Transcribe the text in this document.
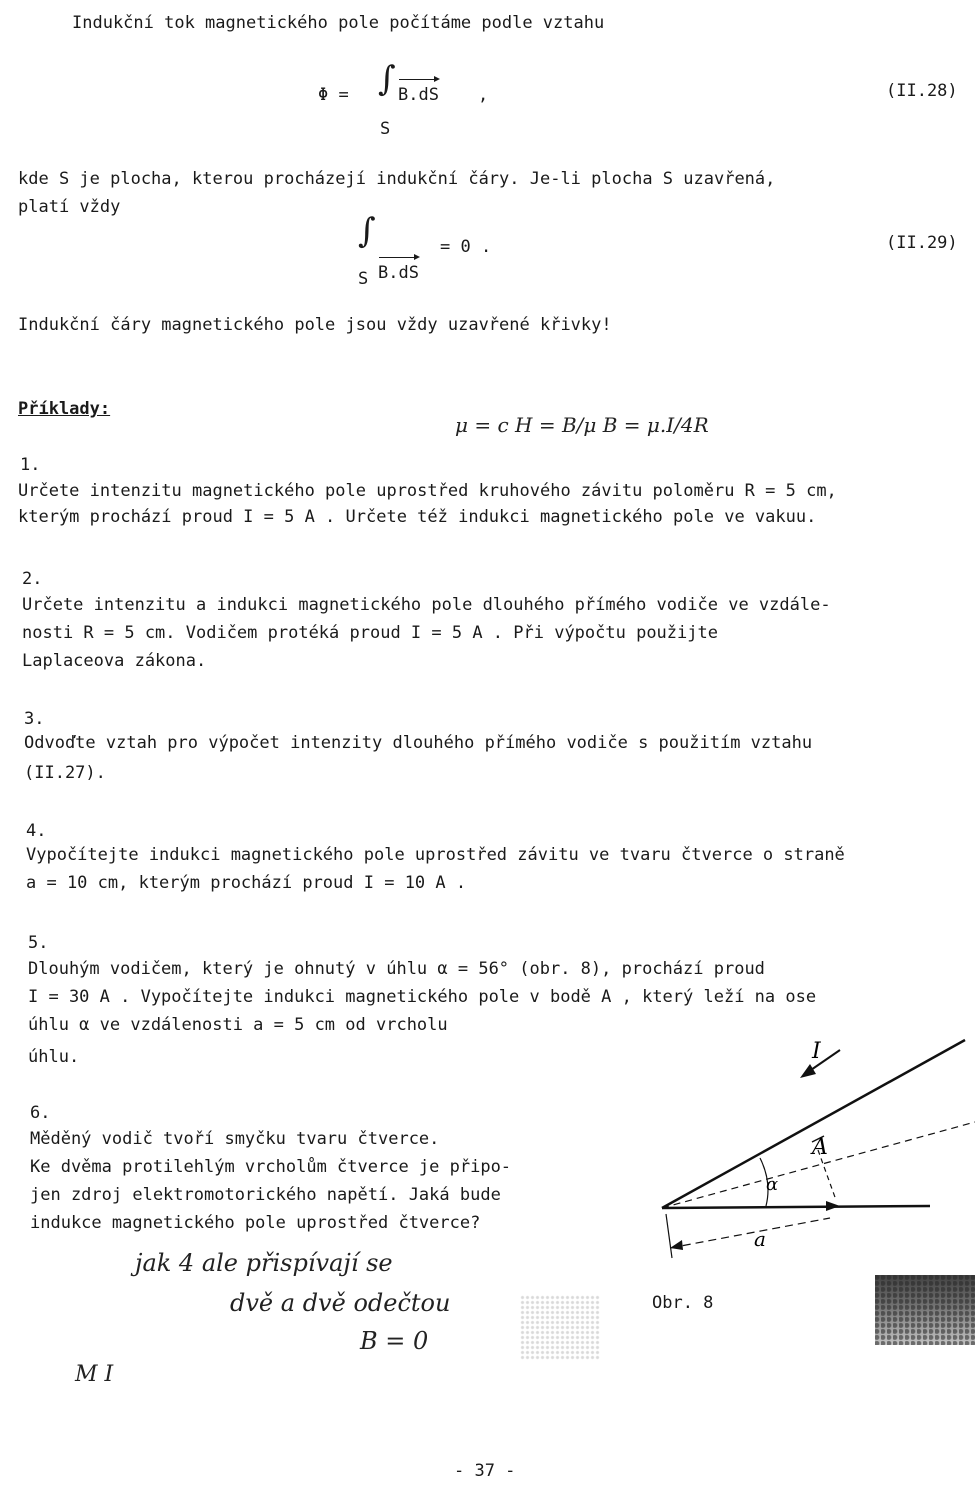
Indukční tok magnetického pole počítáme podle vztahu
Φ = ∫ B.dS ,
S
(II.28)
kde S je plocha, kterou procházejí indukční čáry. Je-li plocha S uzavřená,
platí vždy
∫
B.dS
= 0 .
S
(II.29)
Indukční čáry magnetického pole jsou vždy uzavřené křivky!
Příklady:
μ = c H = B/μ B = μ.I/4R
1.
Určete intenzitu magnetického pole uprostřed kruhového závitu poloměru R = 5 cm,
kterým prochází proud I = 5 A . Určete též indukci magnetického pole ve vakuu.
2.
Určete intenzitu a indukci magnetického pole dlouhého přímého vodiče ve vzdále-
nosti R = 5 cm. Vodičem protéká proud I = 5 A . Při výpočtu použijte
Laplaceova zákona.
3.
Odvoďte vztah pro výpočet intenzity dlouhého přímého vodiče s použitím vztahu
(II.27).
4.
Vypočítejte indukci magnetického pole uprostřed závitu ve tvaru čtverce o straně
a = 10 cm, kterým prochází proud I = 10 A .
5.
Dlouhým vodičem, který je ohnutý v úhlu α = 56° (obr. 8), prochází proud
I = 30 A . Vypočítejte indukci magnetického pole v bodě A , který leží na ose
úhlu α ve vzdálenosti a = 5 cm od vrcholu
úhlu.
6.
Měděný vodič tvoří smyčku tvaru čtverce.
Ke dvěma protilehlým vrcholům čtverce je připo-
jen zdroj elektromotorického napětí. Jaká bude
indukce magnetického pole uprostřed čtverce?
jak 4 ale přispívají se
dvě a dvě odečtou
B = 0
M I
I
A
α
a
Obr. 8
- 37 -
